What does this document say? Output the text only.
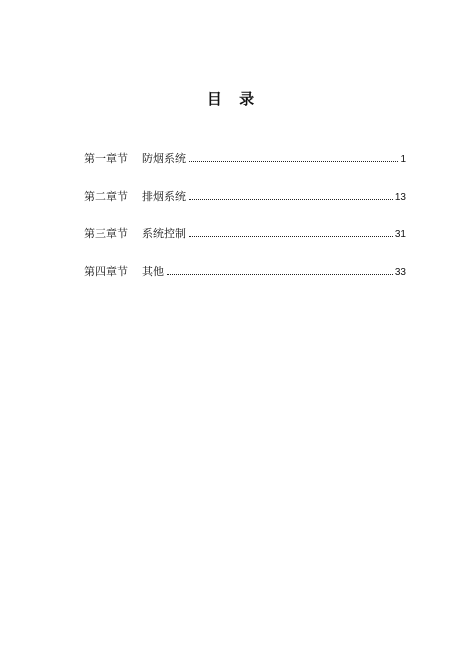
目 录
第一章节	防烟系统	1
第二章节	排烟系统	13
第三章节	系统控制	31
第四章节	其他	33
